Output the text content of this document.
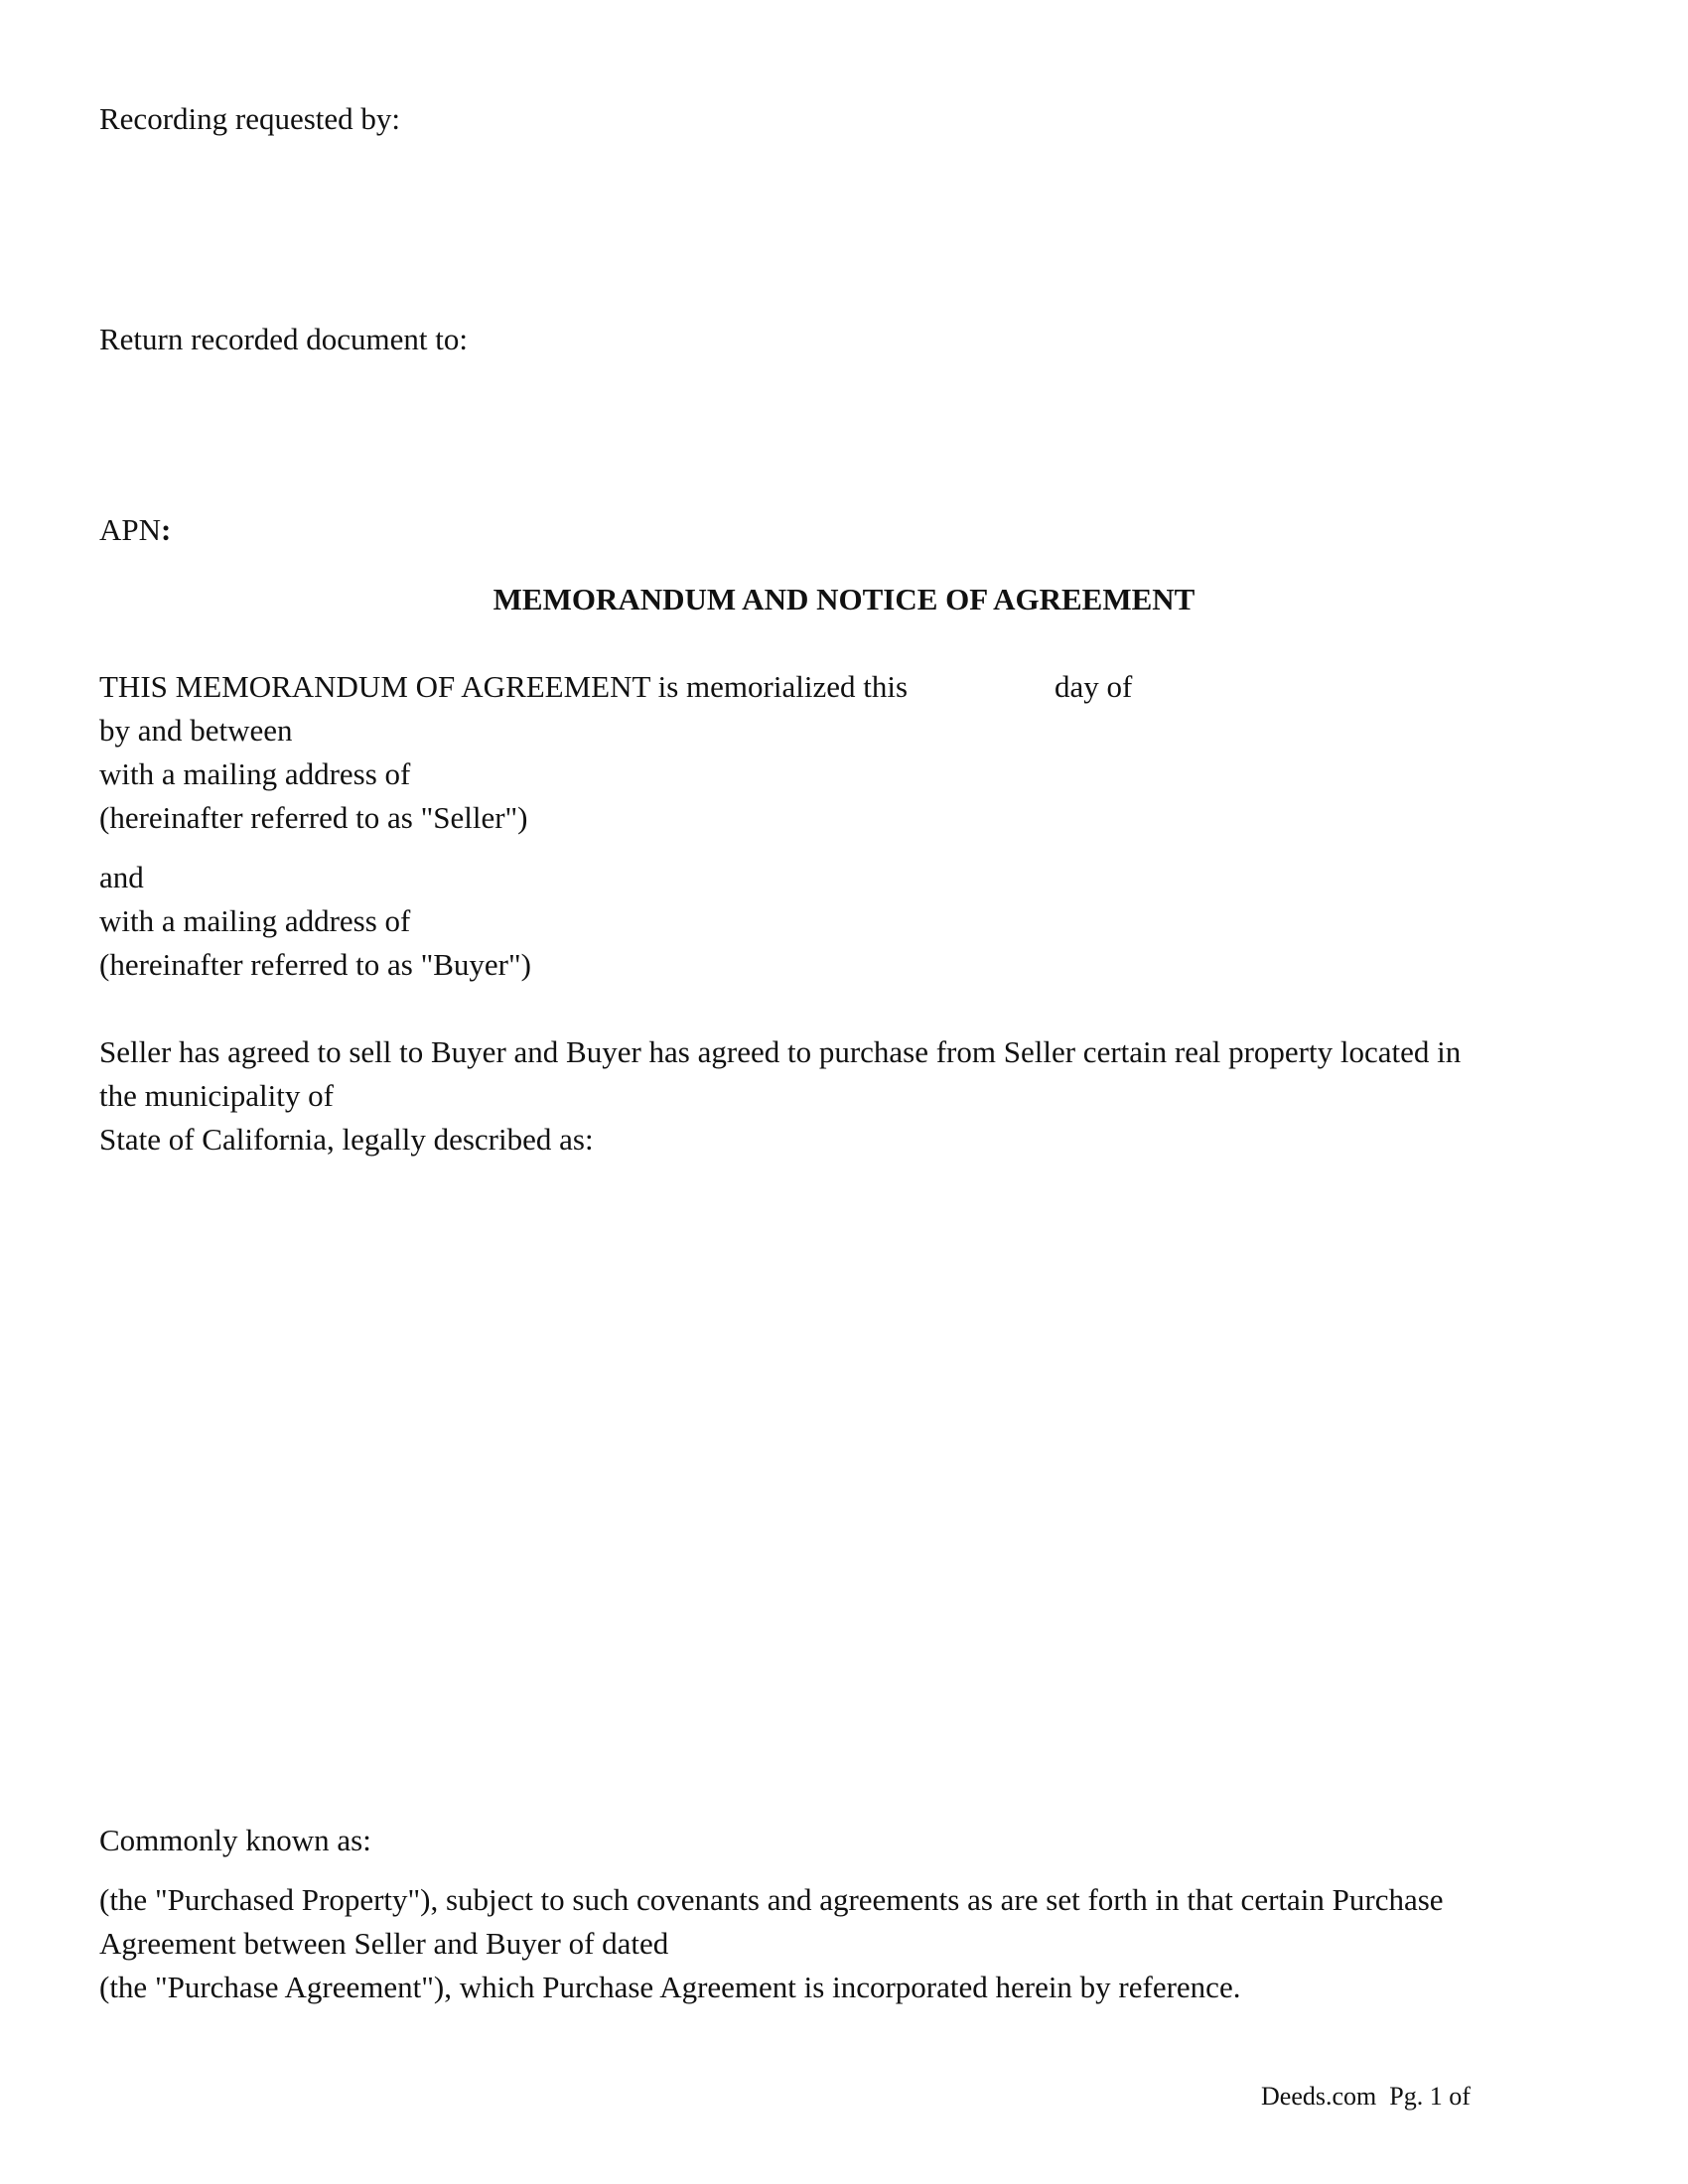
Recording requested by:
Return recorded document to:
APN:
MEMORANDUM AND NOTICE OF AGREEMENT
THIS MEMORANDUM OF AGREEMENT is memorialized this	day of
by and between
with a mailing address of
(hereinafter referred to as "Seller")
and
with a mailing address of
(hereinafter referred to as "Buyer")
Seller has agreed to sell to Buyer and Buyer has agreed to purchase from Seller certain real property located in
the municipality of
State of California, legally described as:
Commonly known as:
(the "Purchased Property"), subject to such covenants and agreements as are set forth in that certain Purchase
Agreement between Seller and Buyer of dated
(the "Purchase Agreement"), which Purchase Agreement is incorporated herein by reference.
Deeds.com Pg. 1 of
